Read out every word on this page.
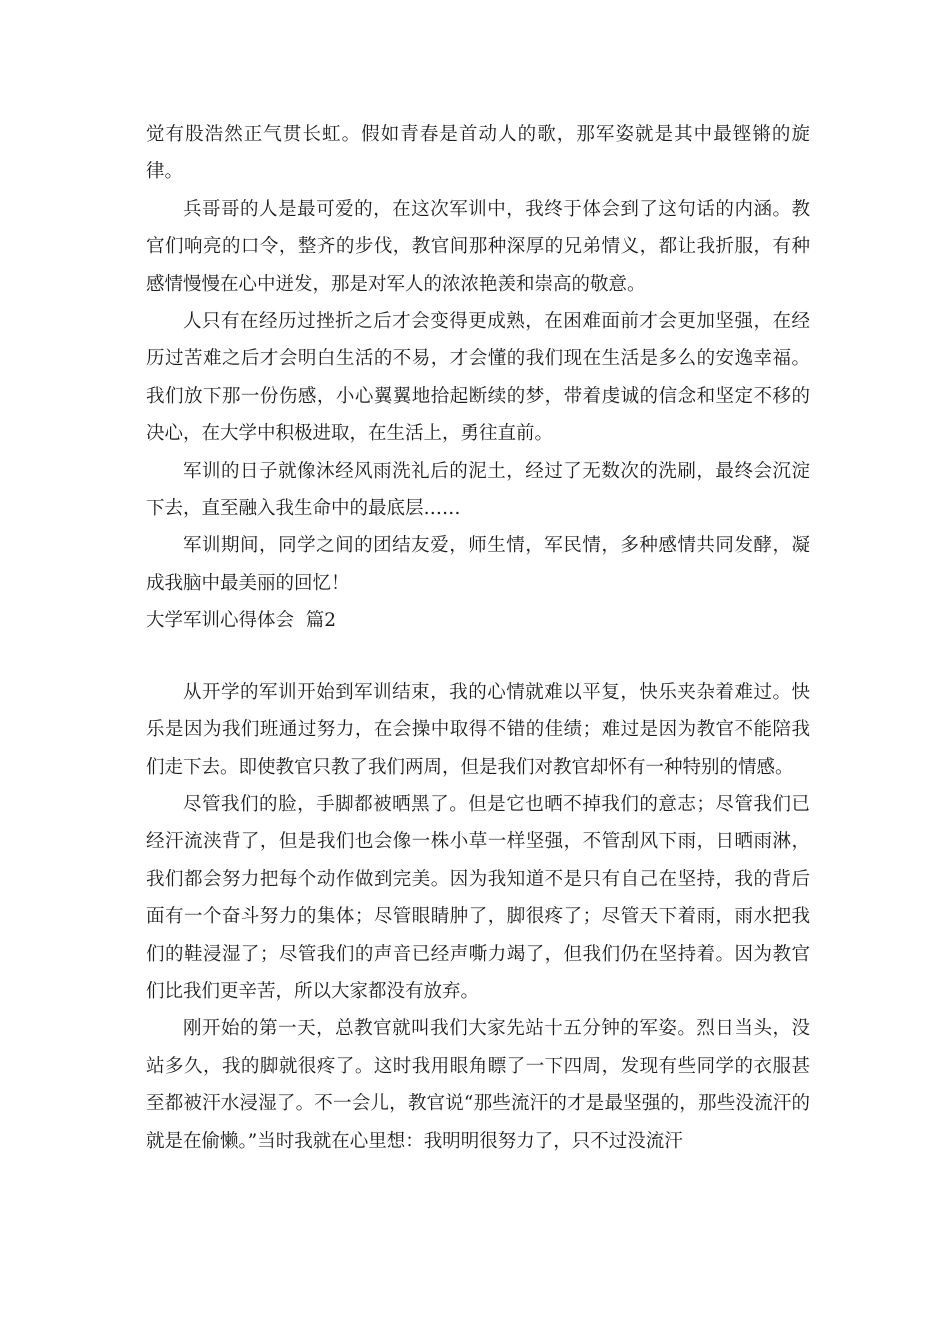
觉有股浩然正气贯长虹。假如青春是首动人的歌，那军姿就是其中最铿锵的旋律。

兵哥哥的人是最可爱的，在这次军训中，我终于体会到了这句话的内涵。教官们响亮的口令，整齐的步伐，教官间那种深厚的兄弟情义，都让我折服，有种感情慢慢在心中迸发，那是对军人的浓浓艳羡和崇高的敬意。

人只有在经历过挫折之后才会变得更成熟，在困难面前才会更加坚强，在经历过苦难之后才会明白生活的不易，才会懂的我们现在生活是多么的安逸幸福。我们放下那一份伤感，小心翼翼地拾起断续的梦，带着虔诚的信念和坚定不移的决心，在大学中积极进取，在生活上，勇往直前。

军训的日子就像沐经风雨洗礼后的泥土，经过了无数次的洗刷，最终会沉淀下去，直至融入我生命中的最底层……

军训期间，同学之间的团结友爱，师生情，军民情，多种感情共同发酵，凝成我脑中最美丽的回忆！

大学军训心得体会  篇2

从开学的军训开始到军训结束，我的心情就难以平复，快乐夹杂着难过。快乐是因为我们班通过努力，在会操中取得不错的佳绩；难过是因为教官不能陪我们走下去。即使教官只教了我们两周，但是我们对教官却怀有一种特别的情感。

尽管我们的脸，手脚都被晒黑了。但是它也晒不掉我们的意志；尽管我们已经汗流浃背了，但是我们也会像一株小草一样坚强，不管刮风下雨，日晒雨淋，我们都会努力把每个动作做到完美。因为我知道不是只有自己在坚持，我的背后面有一个奋斗努力的集体；尽管眼睛肿了，脚很疼了；尽管天下着雨，雨水把我们的鞋浸湿了；尽管我们的声音已经声嘶力竭了，但我们仍在坚持着。因为教官们比我们更辛苦，所以大家都没有放弃。

刚开始的第一天，总教官就叫我们大家先站十五分钟的军姿。烈日当头，没站多久，我的脚就很疼了。这时我用眼角瞟了一下四周，发现有些同学的衣服甚至都被汗水浸湿了。不一会儿，教官说“那些流汗的才是最坚强的，那些没流汗的就是在偷懒。”当时我就在心里想：我明明很努力了，只不过没流汗
